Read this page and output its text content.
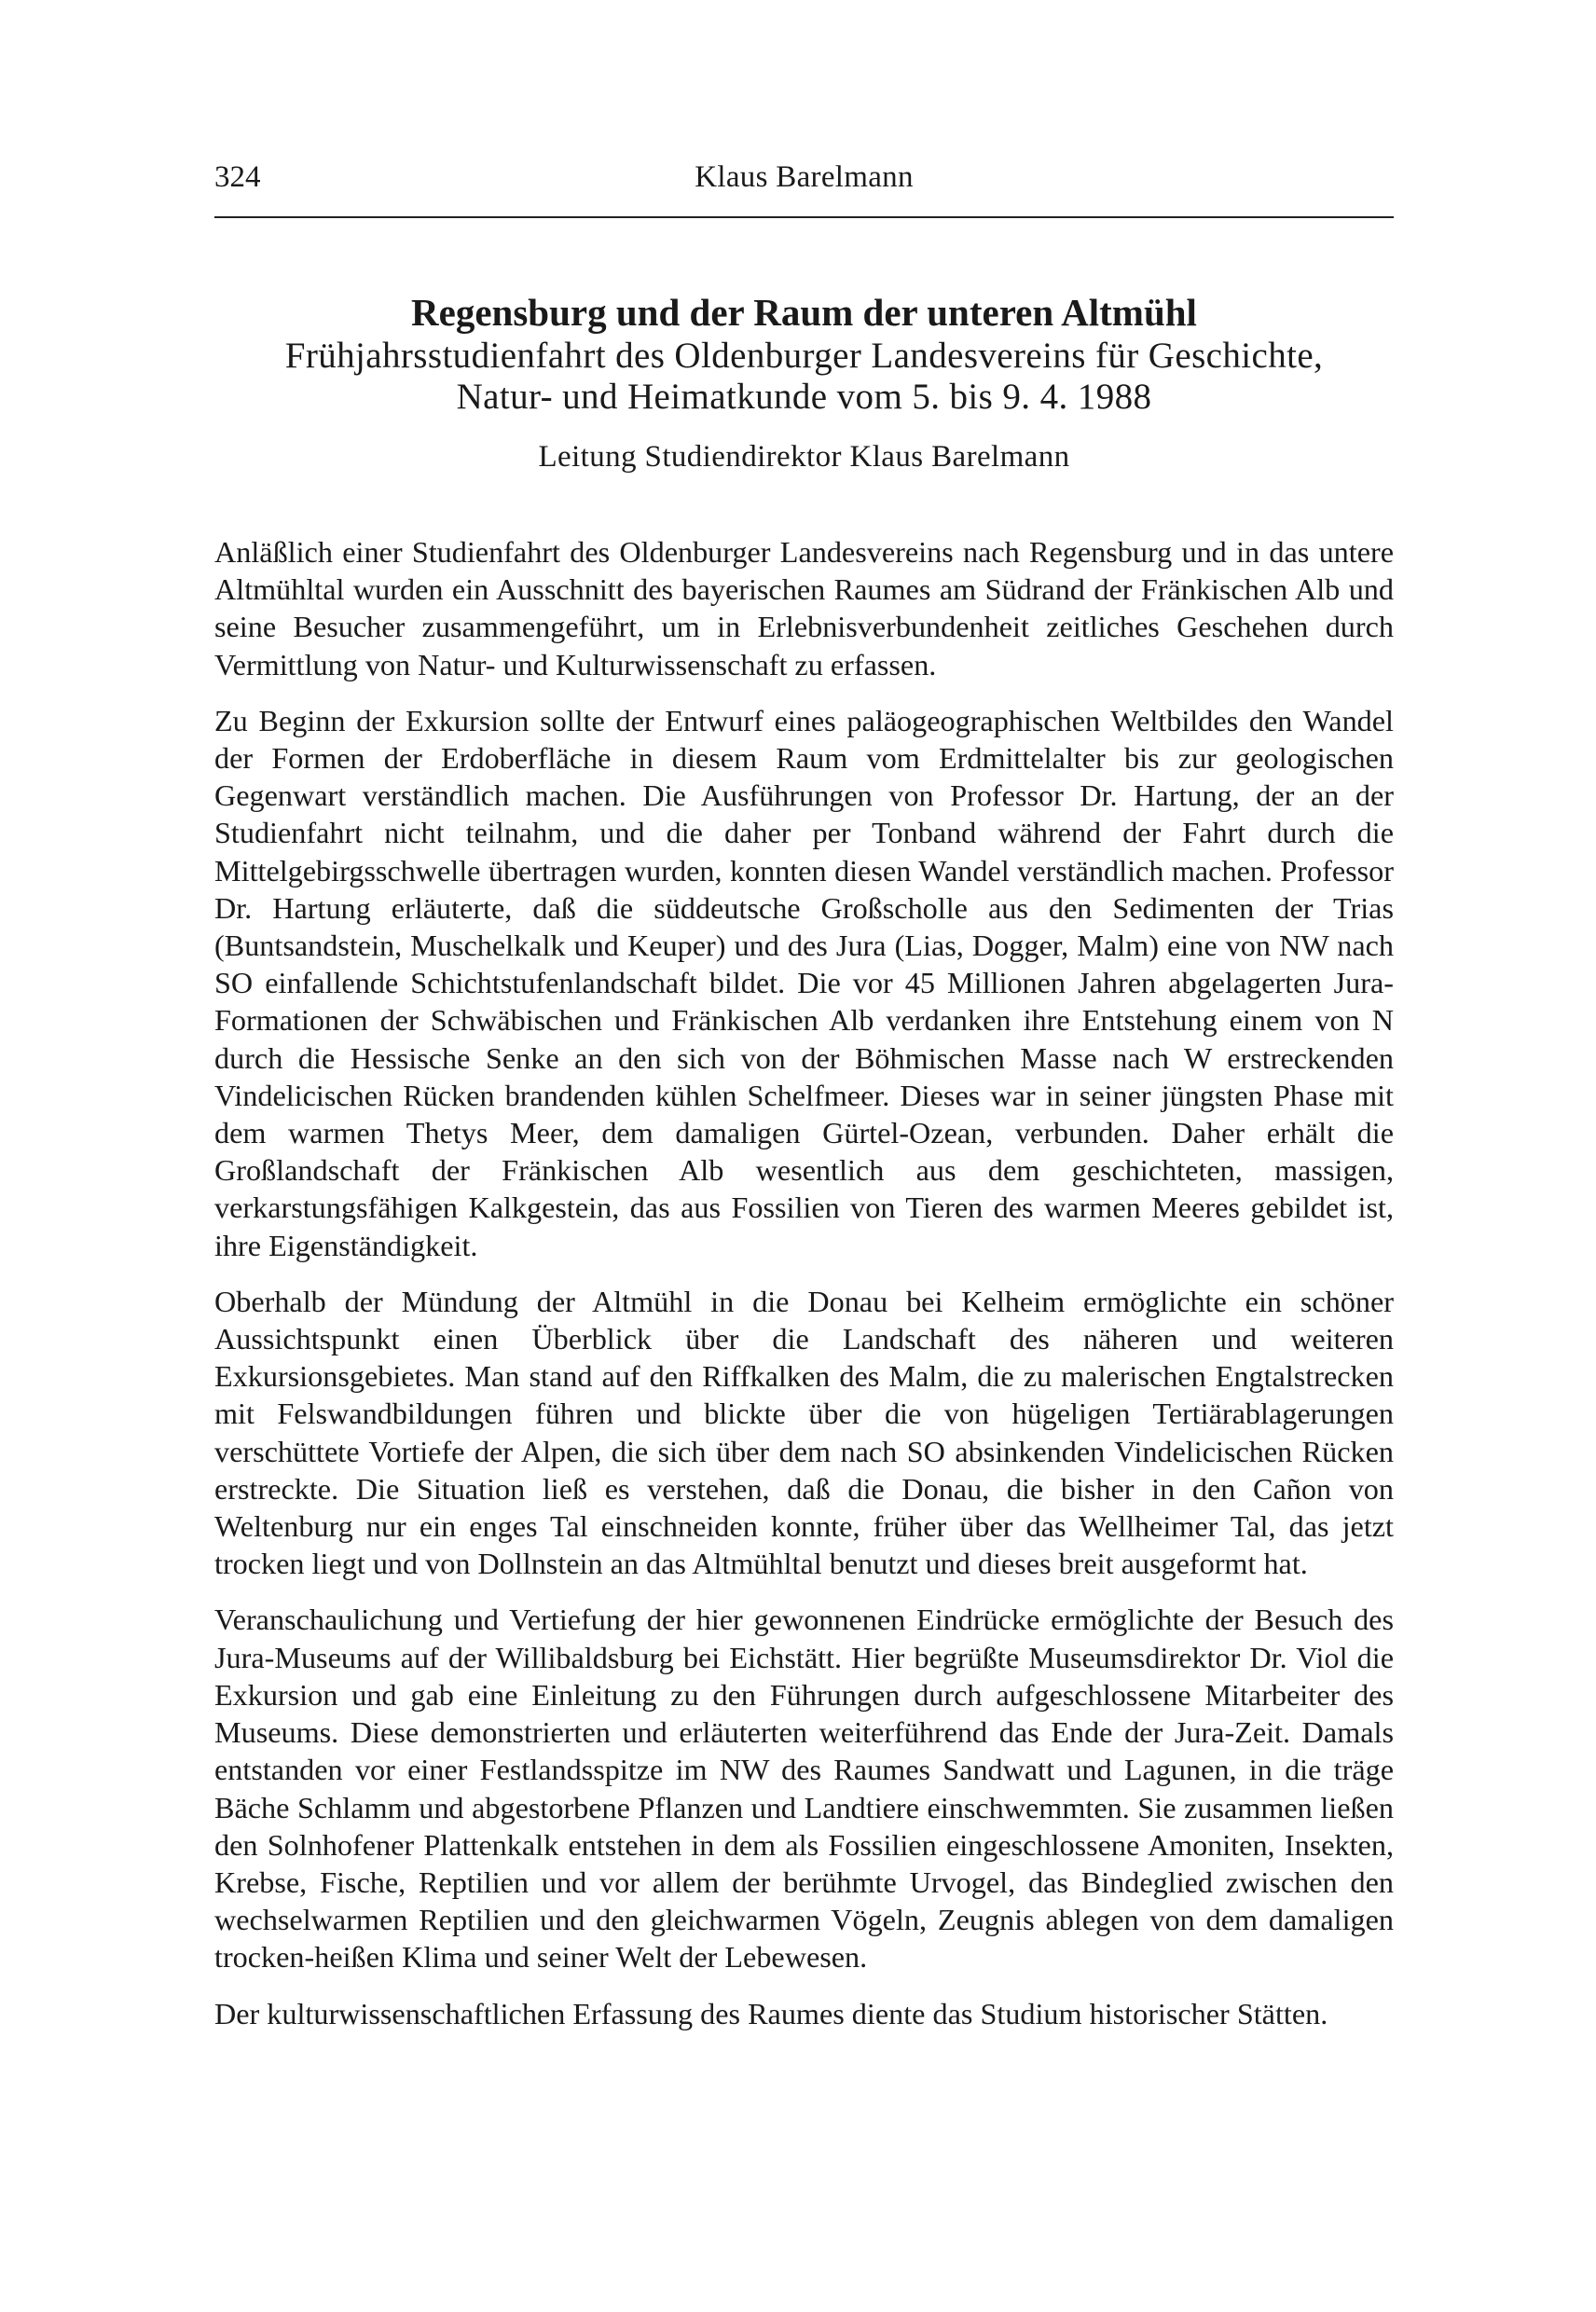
324	Klaus Barelmann
Regensburg und der Raum der unteren Altmühl

Frühjahrsstudienfahrt des Oldenburger Landesvereins für Geschichte,

Natur- und Heimatkunde vom 5. bis 9. 4. 1988

Leitung Studiendirektor Klaus Barelmann

Anläßlich einer Studienfahrt des Oldenburger Landesvereins nach Regensburg und in das untere Altmühltal wurden ein Ausschnitt des bayerischen Raumes am Südrand der Fränkischen Alb und seine Besucher zusammengeführt, um in Erlebnisverbundenheit zeitliches Geschehen durch Vermittlung von Natur- und Kulturwissenschaft zu erfassen.

Zu Beginn der Exkursion sollte der Entwurf eines paläogeographischen Weltbildes den Wandel der Formen der Erdoberfläche in diesem Raum vom Erdmittelalter bis zur geologischen Gegenwart verständlich machen. Die Ausführungen von Professor Dr. Hartung, der an der Studienfahrt nicht teilnahm, und die daher per Tonband während der Fahrt durch die Mittelgebirgsschwelle übertragen wurden, konnten diesen Wandel verständlich machen. Professor Dr. Hartung erläuterte, daß die süddeutsche Großscholle aus den Sedimenten der Trias (Buntsandstein, Muschelkalk und Keuper) und des Jura (Lias, Dogger, Malm) eine von NW nach SO einfallende Schichtstufenlandschaft bildet. Die vor 45 Millionen Jahren abgelagerten Jura-Formationen der Schwäbischen und Fränkischen Alb verdanken ihre Entstehung einem von N durch die Hessische Senke an den sich von der Böhmischen Masse nach W erstreckenden Vindelicischen Rücken brandenden kühlen Schelfmeer. Dieses war in seiner jüngsten Phase mit dem warmen Thetys Meer, dem damaligen Gürtel-Ozean, verbunden. Daher erhält die Großlandschaft der Fränkischen Alb wesentlich aus dem geschichteten, massigen, verkarstungsfähigen Kalkgestein, das aus Fossilien von Tieren des warmen Meeres gebildet ist, ihre Eigenständigkeit.

Oberhalb der Mündung der Altmühl in die Donau bei Kelheim ermöglichte ein schöner Aussichtspunkt einen Überblick über die Landschaft des näheren und weiteren Exkursionsgebietes. Man stand auf den Riffkalken des Malm, die zu malerischen Engtalstrecken mit Felswandbildungen führen und blickte über die von hügeligen Tertiärablagerungen verschüttete Vortiefe der Alpen, die sich über dem nach SO absinkenden Vindelicischen Rücken erstreckte. Die Situation ließ es verstehen, daß die Donau, die bisher in den Cañon von Weltenburg nur ein enges Tal einschneiden konnte, früher über das Wellheimer Tal, das jetzt trocken liegt und von Dollnstein an das Altmühltal benutzt und dieses breit ausgeformt hat.

Veranschaulichung und Vertiefung der hier gewonnenen Eindrücke ermöglichte der Besuch des Jura-Museums auf der Willibaldsburg bei Eichstätt. Hier begrüßte Museumsdirektor Dr. Viol die Exkursion und gab eine Einleitung zu den Führungen durch aufgeschlossene Mitarbeiter des Museums. Diese demonstrierten und erläuterten weiterführend das Ende der Jura-Zeit. Damals entstanden vor einer Festlandsspitze im NW des Raumes Sandwatt und Lagunen, in die träge Bäche Schlamm und abgestorbene Pflanzen und Landtiere einschwemmten. Sie zusammen ließen den Solnhofener Plattenkalk entstehen in dem als Fossilien eingeschlossene Amoniten, Insekten, Krebse, Fische, Reptilien und vor allem der berühmte Urvogel, das Bindeglied zwischen den wechselwarmen Reptilien und den gleichwarmen Vögeln, Zeugnis ablegen von dem damaligen trocken-heißen Klima und seiner Welt der Lebewesen.

Der kulturwissenschaftlichen Erfassung des Raumes diente das Studium historischer Stätten.
